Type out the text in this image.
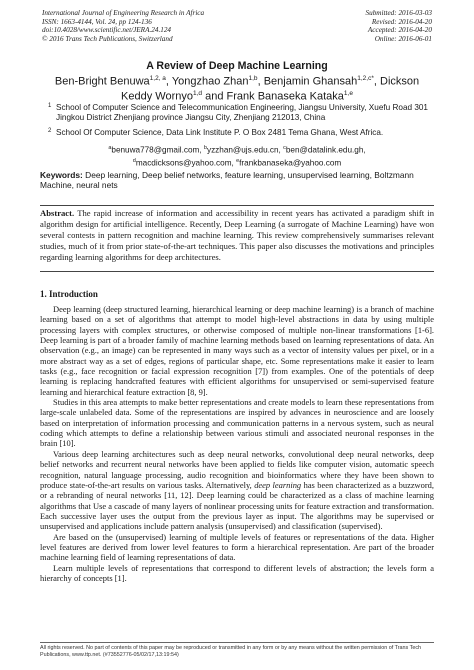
International Journal of Engineering Research in Africa
ISSN: 1663-4144, Vol. 24, pp 124-136
doi:10.4028/www.scientific.net/JERA.24.124
© 2016 Trans Tech Publications, Switzerland
Submitted: 2016-03-03
Revised: 2016-04-20
Accepted: 2016-04-20
Online: 2016-06-01
A Review of Deep Machine Learning
Ben-Bright Benuwa$^{1,2, a}$, Yongzhao Zhan$^{1,b}$, Benjamin Ghansah$^{1,2,c*}$, Dickson Keddy Wornyo$^{1,d}$ and Frank Banaseka Kataka$^{1,e}$
1 School of Computer Science and Telecommunication Engineering, Jiangsu University, Xuefu Road 301 Jingkou District Zhenjiang province Jiangsu City, Zhenjiang 212013, China
2 School Of Computer Science, Data Link Institute P. O Box 2481 Tema Ghana, West Africa.
$^a$benuwa778@gmail.com, $^b$yzzhan@ujs.edu.cn, $^c$ben@datalink.edu.gh,
$^d$macdicksons@yahoo.com, $^e$frankbanaseka@yahoo.com
Keywords: Deep learning, Deep belief networks, feature learning, unsupervised learning, Boltzmann Machine, neural nets
Abstract. The rapid increase of information and accessibility in recent years has activated a paradigm shift in algorithm design for artificial intelligence. Recently, Deep Learning (a surrogate of Machine Learning) have won several contests in pattern recognition and machine learning. This review comprehensively summarises relevant studies, much of it from prior state-of-the-art techniques. This paper also discusses the motivations and principles regarding learning algorithms for deep architectures.
1. Introduction

Deep learning (deep structured learning, hierarchical learning or deep machine learning) is a branch of machine learning based on a set of algorithms that attempt to model high-level abstractions in data by using multiple processing layers with complex structures, or otherwise composed of multiple non-linear transformations [1-6]. Deep learning is part of a broader family of machine learning methods based on learning representations of data. An observation (e.g., an image) can be represented in many ways such as a vector of intensity values per pixel, or in a more abstract way as a set of edges, regions of particular shape, etc. Some representations make it easier to learn tasks (e.g., face recognition or facial expression recognition [7]) from examples. One of the potentials of deep learning is replacing handcrafted features with efficient algorithms for unsupervised or semi-supervised feature learning and hierarchical feature extraction [8, 9].

Studies in this area attempts to make better representations and create models to learn these representations from large-scale unlabeled data. Some of the representations are inspired by advances in neuroscience and are loosely based on interpretation of information processing and communication patterns in a nervous system, such as neural coding which attempts to define a relationship between various stimuli and associated neuronal responses in the brain [10].

Various deep learning architectures such as deep neural networks, convolutional deep neural networks, deep belief networks and recurrent neural networks have been applied to fields like computer vision, automatic speech recognition, natural language processing, audio recognition and bioinformatics where they have been shown to produce state-of-the-art results on various tasks. Alternatively, deep learning has been characterized as a buzzword, or a rebranding of neural networks [11, 12]. Deep learning could be characterized as a class of machine learning algorithms that Use a cascade of many layers of nonlinear processing units for feature extraction and transformation. Each successive layer uses the output from the previous layer as input. The algorithms may be supervised or unsupervised and applications include pattern analysis (unsupervised) and classification (supervised).

Are based on the (unsupervised) learning of multiple levels of features or representations of the data. Higher level features are derived from lower level features to form a hierarchical representation. Are part of the broader machine learning field of learning representations of data.

Learn multiple levels of representations that correspond to different levels of abstraction; the levels form a hierarchy of concepts [1].

All rights reserved. No part of contents of this paper may be reproduced or transmitted in any form or by any means without the written permission of Trans Tech Publications, www.ttp.net. (#73552776-05/02/17,13:19:54)
